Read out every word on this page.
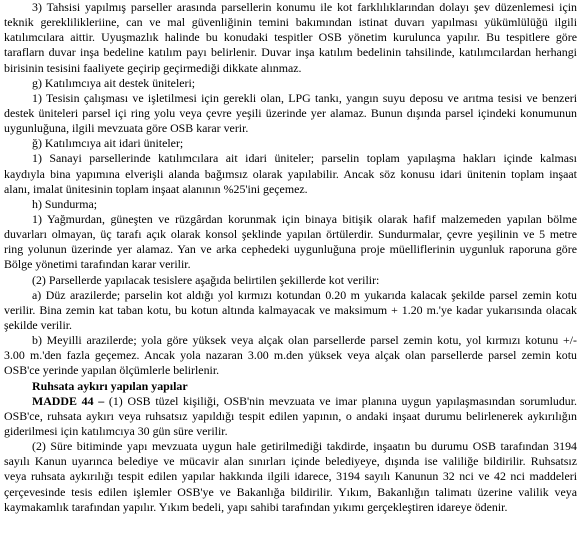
3) Tahsisi yapılmış parseller arasında parsellerin konumu ile kot farklılıklarından dolayı şev düzenlemesi için
teknik gereklilikleriine, can ve mal güvenliğinin temini bakımından istinat duvarı yapılması yükümlülüğü ilgili
katılımcılara aittir. Uyuşmazlık halinde bu konudaki tespitler OSB yönetim kurulunca yapılır. Bu tespitlere göre
taraflarn duvar inşa bedeline katılım payı belirlenir. Duvar inşa katılım bedelinin tahsilinde, katılımcılardan herhangi
birisinin tesisini faaliyete geçirip geçirmediği dikkate alınmaz.
g) Katılımcıya ait destek üniteleri;
1) Tesisin çalışması ve işletilmesi için gerekli olan, LPG tankı, yangın suyu deposu ve arıtma tesisi ve benzeri
destek üniteleri parsel içi ring yolu veya çevre yeşili üzerinde yer alamaz. Bunun dışında parsel içindeki konumunun
uygunluğuna, ilgili mevzuata göre OSB karar verir.
ğ) Katılımcıya ait idari üniteler;
1) Sanayi parsellerinde katılımcılara ait idari üniteler; parselin toplam yapılaşma hakları içinde kalması
kaydıyla bina yapımına elverişli alanda bağımsız olarak yapılabilir. Ancak söz konusu idari ünitenin toplam inşaat
alanı, imalat ünitesinin toplam inşaat alanının %25'ini geçemez.
h) Sundurma;
1) Yağmurdan, güneşten ve rüzgârdan korunmak için binaya bitişik olarak hafif malzemeden yapılan bölme
duvarları olmayan, üç tarafı açık olarak konsol şeklinde yapılan örtülerdir. Sundurmalar, çevre yeşilinin ve 5 metre
ring yolunun üzerinde yer alamaz. Yan ve arka cephedeki uygunluğuna proje müelliflerinin uygunluk raporuna göre
Bölge yönetimi tarafından karar verilir.
(2) Parsellerde yapılacak tesislere aşağıda belirtilen şekillerde kot verilir:
a) Düz arazilerde; parselin kot aldığı yol kırmızı kotundan 0.20 m yukarıda kalacak şekilde parsel zemin kotu
verilir. Bina zemin kat taban kotu, bu kotun altında kalmayacak ve maksimum + 1.20 m.'ye kadar yukarısında olacak
şekilde verilir.
b) Meyilli arazilerde; yola göre yüksek veya alçak olan parsellerde parsel zemin kotu, yol kırmızı kotunu +/-
3.00 m.'den fazla geçemez. Ancak yola nazaran 3.00 m.den yüksek veya alçak olan parsellerde parsel zemin kotu
OSB'ce yerinde yapılan ölçümlerle belirlenir.
Ruhsata aykırı yapılan yapılar
MADDE 44 – (1) OSB tüzel kişiliği, OSB'nin mevzuata ve imar planına uygun yapılaşmasından sorumludur.
OSB'ce, ruhsata aykırı veya ruhsatsız yapıldığı tespit edilen yapının, o andaki inşaat durumu belirlenerek aykırılığın
giderilmesi için katılımcıya 30 gün süre verilir.
(2) Süre bitiminde yapı mevzuata uygun hale getirilmediği takdirde, inşaatın bu durumu OSB tarafından 3194
sayılı Kanun uyarınca belediye ve mücavir alan sınırları içinde belediyeye, dışında ise valiliğe bildirilir. Ruhsatsız
veya ruhsata aykırılığı tespit edilen yapılar hakkında ilgili idarece, 3194 sayılı Kanunun 32 nci ve 42 nci maddeleri
çerçevesinde tesis edilen işlemler OSB'ye ve Bakanlığa bildirilir. Yıkım, Bakanlığın talimatı üzerine valilik veya
kaymakamlık tarafından yapılır. Yıkım bedeli, yapı sahibi tarafından yıkımı gerçekleştiren idareye ödenir.
